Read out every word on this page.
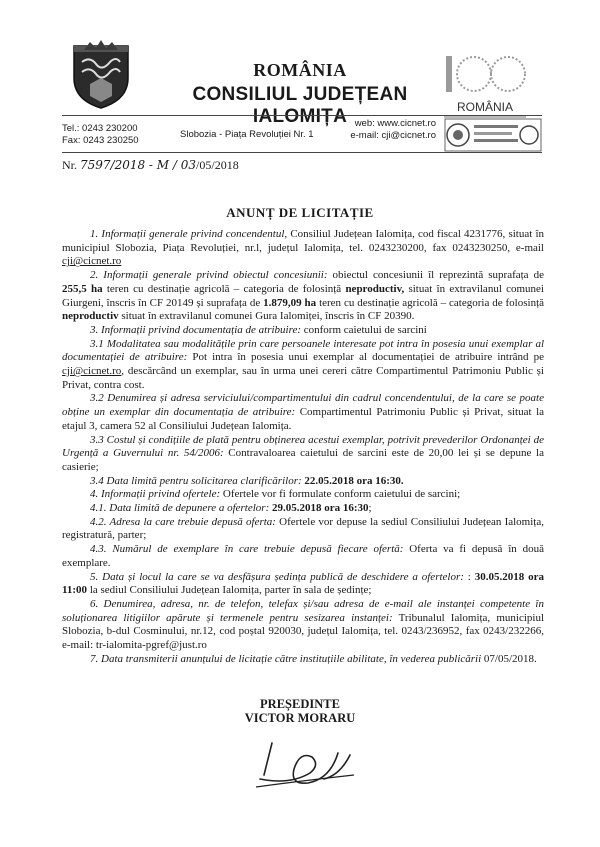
ROMÂNIA
CONSILIUL JUDEȚEAN IALOMIȚA	ROMÂNIA
Tel.: 0243 230200
Fax: 0243 230250
Slobozia - Piața Revoluției Nr. 1
web: www.cicnet.ro
e-mail: cji@cicnet.ro
Nr. 7597/2018 - M / 03/05/2018
ANUNȚ DE LICITAȚIE

1. Informații generale privind concendentul, Consiliul Județean Ialomița, cod fiscal 4231776, situat în municipiul Slobozia, Piața Revoluției, nr.l, județul Ialomița, tel. 0243230200, fax 0243230250, e-mail cji@cicnet.ro

2. Informații generale privind obiectul concesiunii: obiectul concesiunii îl reprezintă suprafața de 255,5 ha teren cu destinație agricolă – categoria de folosință neproductiv, situat în extravilanul comunei Giurgeni, înscris în CF 20149 și suprafața de 1.879,09 ha teren cu destinație agricolă – categoria de folosință neproductiv situat în extravilanul comunei Gura Ialomiței, înscris în CF 20390.

3. Informații privind documentația de atribuire: conform caietului de sarcini

3.1 Modalitatea sau modalitățile prin care persoanele interesate pot intra în posesia unui exemplar al documentației de atribuire: Pot intra în posesia unui exemplar al documentației de atribuire intrând pe cji@cicnet.ro, descărcând un exemplar, sau în urma unei cereri către Compartimentul Patrimoniu Public și Privat, contra cost.

3.2 Denumirea și adresa serviciului/compartimentului din cadrul concendentului, de la care se poate obține un exemplar din documentația de atribuire: Compartimentul Patrimoniu Public și Privat, situat la etajul 3, camera 52 al Consiliului Județean Ialomița.

3.3 Costul și condițiile de plată pentru obținerea acestui exemplar, potrivit prevederilor Ordonanței de Urgență a Guvernului nr. 54/2006: Contravaloarea caietului de sarcini este de 20,00 lei și se depune la casierie;

3.4 Data limită pentru solicitarea clarificărilor: 22.05.2018 ora 16:30.

4. Informații privind ofertele: Ofertele vor fi formulate conform caietului de sarcini;

4.1. Data limită de depunere a ofertelor: 29.05.2018 ora 16:30;

4.2. Adresa la care trebuie depusă oferta: Ofertele vor depuse la sediul Consiliului Județean Ialomița, registratură, parter;

4.3. Numărul de exemplare în care trebuie depusă fiecare ofertă: Oferta va fi depusă în două exemplare.

5. Data și locul la care se va desfășura ședința publică de deschidere a ofertelor: : 30.05.2018 ora 11:00 la sediul Consiliului Județean Ialomița, parter în sala de ședințe;

6. Denumirea, adresa, nr. de telefon, telefax și/sau adresa de e-mail ale instanței competente în soluționarea litigiilor apărute și termenele pentru sesizarea instanței: Tribunalul Ialomița, municipiul Slobozia, b-dul Cosminului, nr.12, cod poștal 920030, județul Ialomița, tel. 0243/236952, fax 0243/232266, e-mail: tr-ialomita-pgref@just.ro

7. Data transmiterii anunțului de licitație către instituțiile abilitate, în vederea publicării 07/05/2018.

PREȘEDINTE
VICTOR MORARU
